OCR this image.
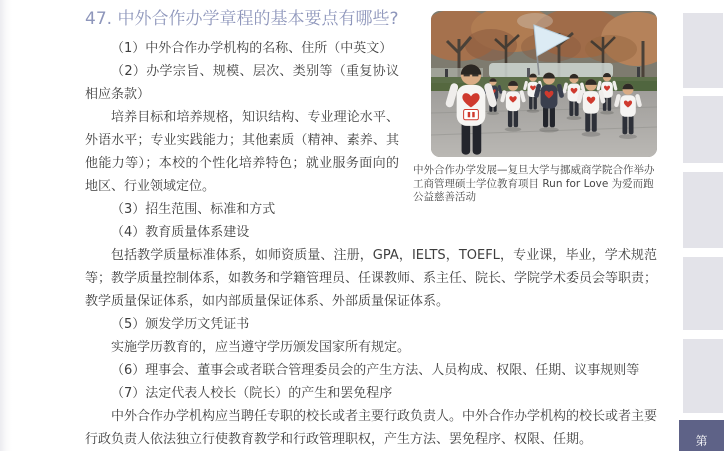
中外合作办学发展—复旦大学与挪威商学院合作举办工商管理硕士学位教育项目 Run for Love 为爱而跑公益慈善活动
47. 中外合作办学章程的基本要点有哪些?

（1）中外合作办学机构的名称、住所（中英文）

（2）办学宗旨、规模、层次、类别等（重复协议相应条款）

培养目标和培养规格，知识结构、专业理论水平、外语水平；专业实践能力；其他素质（精神、素养、其他能力等）；本校的个性化培养特色；就业服务面向的地区、行业领域定位。

（3）招生范围、标准和方式

（4）教育质量体系建设

包括教学质量标准体系，如师资质量、注册，GPA，IELTS，TOEFL，专业课，毕业，学术规范等；教学质量控制体系，如教务和学籍管理员、任课教师、系主任、院长、学院学术委员会等职责；教学质量保证体系，如内部质量保证体系、外部质量保证体系。

（5）颁发学历文凭证书

实施学历教育的，应当遵守学历颁发国家所有规定。

（6）理事会、董事会或者联合管理委员会的产生方法、人员构成、权限、任期、议事规则等

（7）法定代表人校长（院长）的产生和罢免程序

中外合作办学机构应当聘任专职的校长或者主要行政负责人。中外合作办学机构的校长或者主要行政负责人依法独立行使教育教学和行政管理职权，产生方法、罢免程序、权限、任期。	第
